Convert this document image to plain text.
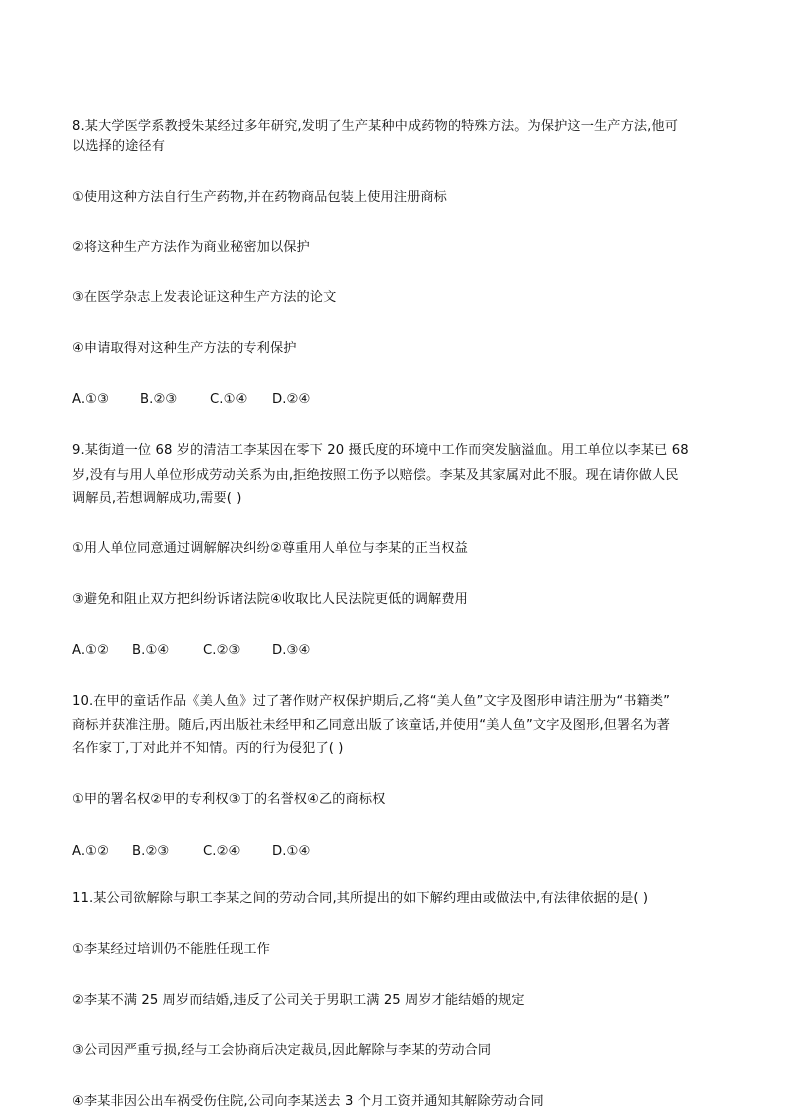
8.某大学医学系教授朱某经过多年研究,发明了生产某种中成药物的特殊方法。为保护这一生产方法,他可
以选择的途径有
①使用这种方法自行生产药物,并在药物商品包装上使用注册商标
②将这种生产方法作为商业秘密加以保护
③在医学杂志上发表论证这种生产方法的论文
④申请取得对这种生产方法的专利保护
A.①③ B.②③ C.①④ D.②④
9.某街道一位 68 岁的清洁工李某因在零下 20 摄氏度的环境中工作而突发脑溢血。用工单位以李某已 68
岁,没有与用人单位形成劳动关系为由,拒绝按照工伤予以赔偿。李某及其家属对此不服。现在请你做人民
调解员,若想调解成功,需要( )
①用人单位同意通过调解解决纠纷②尊重用人单位与李某的正当权益
③避免和阻止双方把纠纷诉诸法院④收取比人民法院更低的调解费用
A.①② B.①④	C.②③ D.③④
10.在甲的童话作品《美人鱼》过了著作财产权保护期后,乙将“美人鱼”文字及图形申请注册为“书籍类”
商标并获准注册。随后,丙出版社未经甲和乙同意出版了该童话,并使用“美人鱼”文字及图形,但署名为著
名作家丁,丁对此并不知情。丙的行为侵犯了( )
①甲的署名权②甲的专利权③丁的名誉权④乙的商标权
A.①② B.②③	C.②④ D.①④
11.某公司欲解除与职工李某之间的劳动合同,其所提出的如下解约理由或做法中,有法律依据的是( )
①李某经过培训仍不能胜任现工作
②李某不满 25 周岁而结婚,违反了公司关于男职工满 25 周岁才能结婚的规定
③公司因严重亏损,经与工会协商后决定裁员,因此解除与李某的劳动合同
④李某非因公出车祸受伤住院,公司向李某送去 3 个月工资并通知其解除劳动合同
